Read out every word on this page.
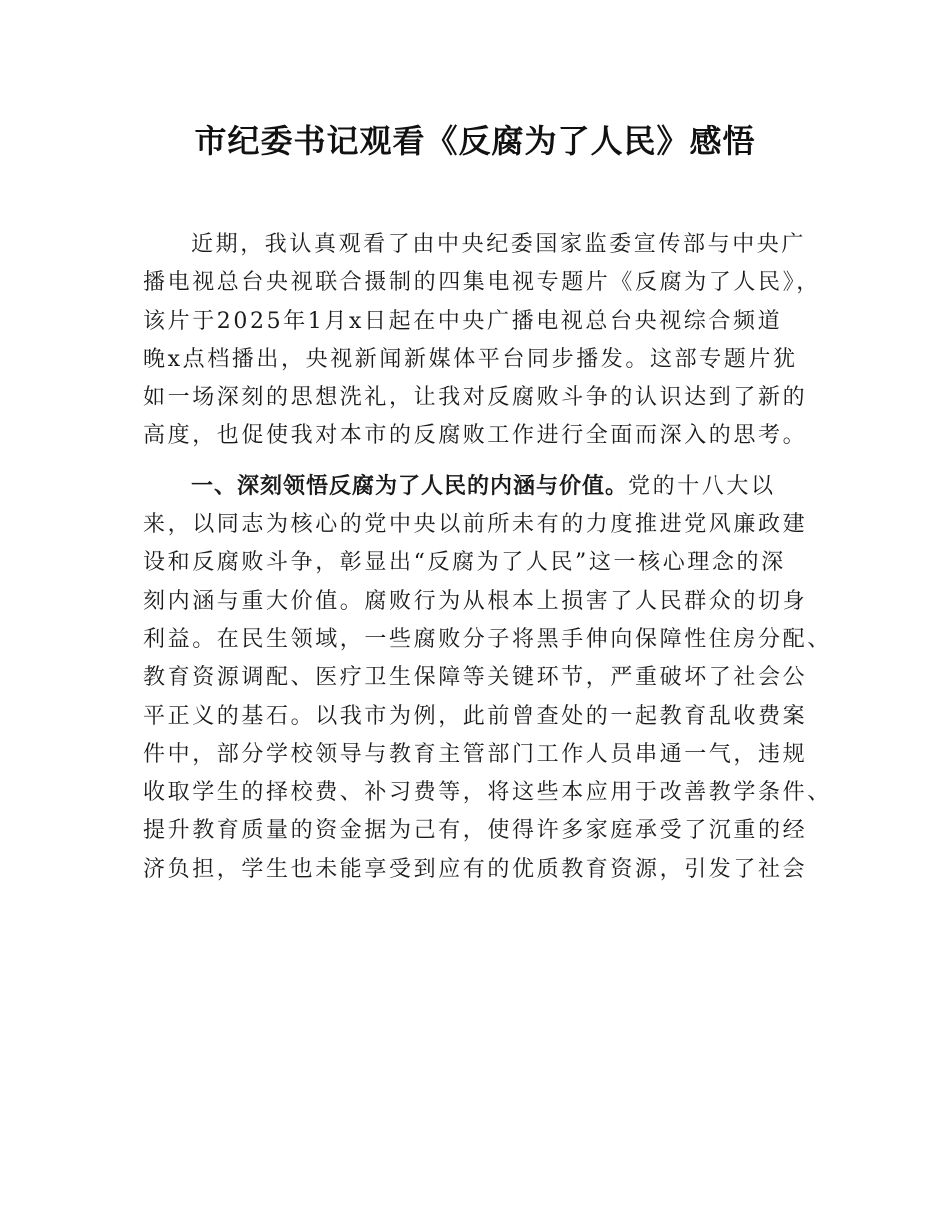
市纪委书记观看《反腐为了人民》感悟
近期，我认真观看了由中央纪委国家监委宣传部与中央广
播电视总台央视联合摄制的四集电视专题片《反腐为了人民》，
该片于2025年1月x日起在中央广播电视总台央视综合频道
晚x点档播出，央视新闻新媒体平台同步播发。这部专题片犹
如一场深刻的思想洗礼，让我对反腐败斗争的认识达到了新的
高度，也促使我对本市的反腐败工作进行全面而深入的思考。
一、深刻领悟反腐为了人民的内涵与价值。党的十八大以
来，以同志为核心的党中央以前所未有的力度推进党风廉政建
设和反腐败斗争，彰显出“反腐为了人民”这一核心理念的深
刻内涵与重大价值。腐败行为从根本上损害了人民群众的切身
利益。在民生领域，一些腐败分子将黑手伸向保障性住房分配、
教育资源调配、医疗卫生保障等关键环节，严重破坏了社会公
平正义的基石。以我市为例，此前曾查处的一起教育乱收费案
件中，部分学校领导与教育主管部门工作人员串通一气，违规
收取学生的择校费、补习费等，将这些本应用于改善教学条件、
提升教育质量的资金据为己有，使得许多家庭承受了沉重的经
济负担，学生也未能享受到应有的优质教育资源，引发了社会
